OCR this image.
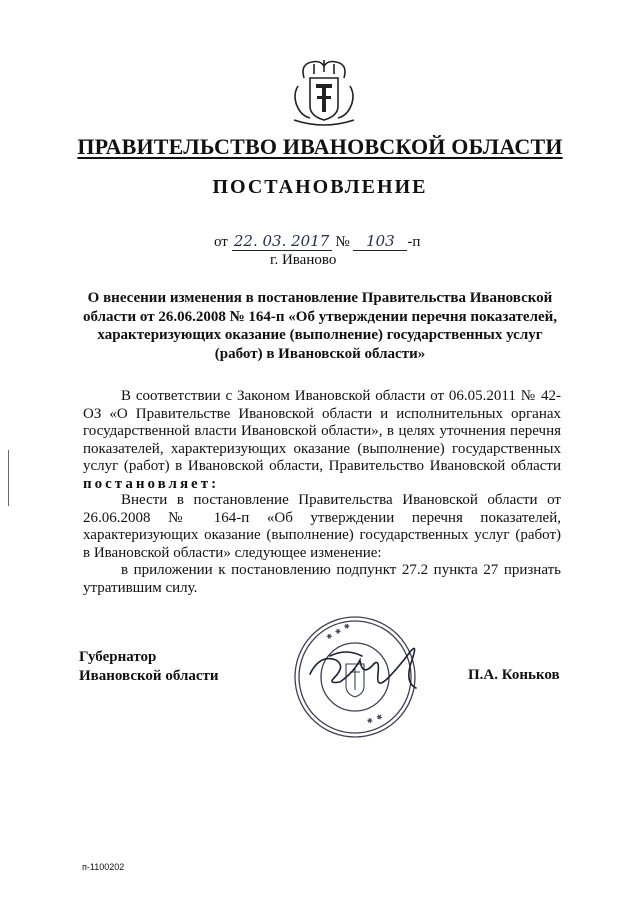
ПРАВИТЕЛЬСТВО ИВАНОВСКОЙ ОБЛАСТИ
ПОСТАНОВЛЕНИЕ
от 22. 03. 2017 № 103 -п
г. Иваново
О внесении изменения в постановление Правительства Ивановской области от 26.06.2008 № 164-п «Об утверждении перечня показателей, характеризующих оказание (выполнение) государственных услуг (работ) в Ивановской области»
В соответствии с Законом Ивановской области от 06.05.2011 № 42-ОЗ «О Правительстве Ивановской области и исполнительных органах государственной власти Ивановской области», в целях уточнения перечня показателей, характеризующих оказание (выполнение) государственных услуг (работ) в Ивановской области, Правительство Ивановской области постановляет:
Внести в постановление Правительства Ивановской области от 26.06.2008 № 164-п «Об утверждении перечня показателей, характеризующих оказание (выполнение) государственных услуг (работ) в Ивановской области» следующее изменение:
в приложении к постановлению подпункт 27.2 пункта 27 признать утратившим силу.
Губернатор
Ивановской области
✱ ✱ ✱
✱ ✱
П.А. Коньков
п-1100202
